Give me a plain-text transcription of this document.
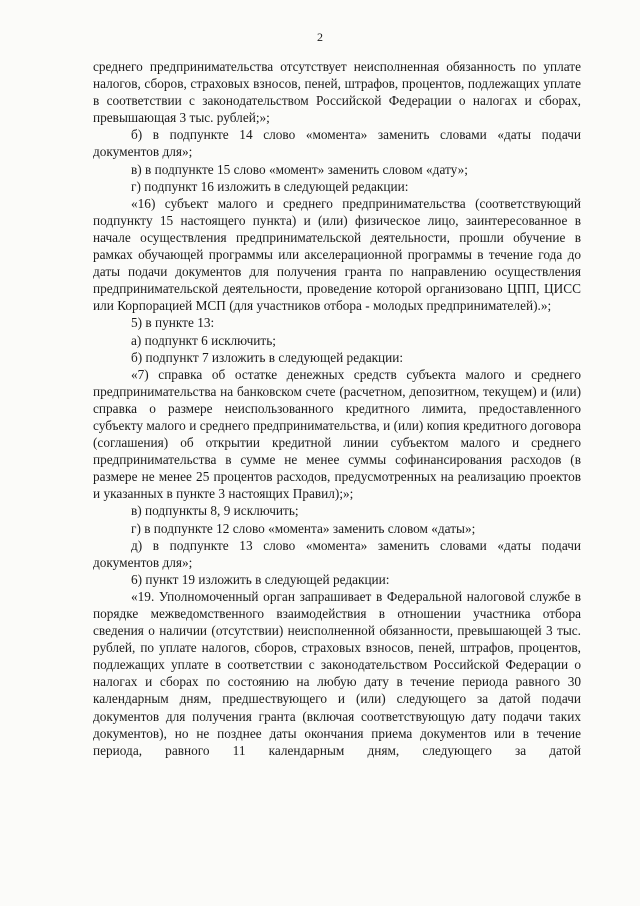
2

среднего предпринимательства отсутствует неисполненная обязанность по уплате налогов, сборов, страховых взносов, пеней, штрафов, процентов, подлежащих уплате в соответствии с законодательством Российской Федерации о налогах и сборах, превышающая 3 тыс. рублей;»;

б) в подпункте 14 слово «момента» заменить словами «даты подачи документов для»;

в) в подпункте 15 слово «момент» заменить словом «дату»;

г) подпункт 16 изложить в следующей редакции:

«16) субъект малого и среднего предпринимательства (соответствующий подпункту 15 настоящего пункта) и (или) физическое лицо, заинтересованное в начале осуществления предпринимательской деятельности, прошли обучение в рамках обучающей программы или акселерационной программы в течение года до даты подачи документов для получения гранта по направлению осуществления предпринимательской деятельности, проведение которой организовано ЦПП, ЦИСС или Корпорацией МСП (для участников отбора - молодых предпринимателей).»;

5) в пункте 13:

а) подпункт 6 исключить;

б) подпункт 7 изложить в следующей редакции:

«7) справка об остатке денежных средств субъекта малого и среднего предпринимательства на банковском счете (расчетном, депозитном, текущем) и (или) справка о размере неиспользованного кредитного лимита, предоставленного субъекту малого и среднего предпринимательства, и (или) копия кредитного договора (соглашения) об открытии кредитной линии субъектом малого и среднего предпринимательства в сумме не менее суммы софинансирования расходов (в размере не менее 25 процентов расходов, предусмотренных на реализацию проектов и указанных в пункте 3 настоящих Правил);»;

в) подпункты 8, 9 исключить;

г) в подпункте 12 слово «момента» заменить словом «даты»;

д) в подпункте 13 слово «момента» заменить словами «даты подачи документов для»;

6) пункт 19 изложить в следующей редакции:

«19. Уполномоченный орган запрашивает в Федеральной налоговой службе в порядке межведомственного взаимодействия в отношении участника отбора сведения о наличии (отсутствии) неисполненной обязанности, превышающей 3 тыс. рублей, по уплате налогов, сборов, страховых взносов, пеней, штрафов, процентов, подлежащих уплате в соответствии с законодательством Российской Федерации о налогах и сборах по состоянию на любую дату в течение периода равного 30 календарным дням, предшествующего и (или) следующего за датой подачи документов для получения гранта (включая соответствующую дату подачи таких документов), но не позднее даты окончания приема документов или в течение периода, равного 11 календарным дням, следующего за датой
